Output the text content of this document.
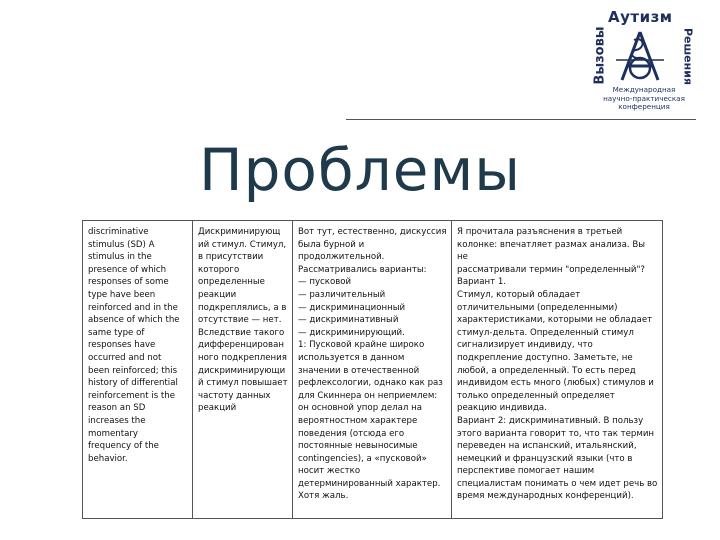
Аутизм
Вызовы	Решения
Международная
научно-практическая
конференция
Проблемы
discriminative
stimulus (SD) A
stimulus in the
presence of which
responses of some
type have been
reinforced and in the
absence of which the
same type of
responses have
occurred and not
been reinforced; this
history of differential
reinforcement is the
reason an SD
increases the
momentary
frequency of the
behavior.
Дискриминирующ
ий стимул. Стимул,
в присутствии
которого
определенные
реакции
подкреплялись, а в
отсутствие — нет.
Вследствие такого
дифференцирован
ного подкрепления
дискриминирующи
й стимул повышает
частоту данных
реакций
Вот тут, естественно, дискуссия
была бурной и
продолжительной.
Рассматривались варианты:
— пусковой
— различительный
— дискриминационный
— дискриминативный
— дискриминирующий.
1: Пусковой крайне широко
используется в данном
значении в отечественной
рефлексологии, однако как раз
для Скиннера он неприемлем:
он основной упор делал на
вероятностном характере
поведения (отсюда его
постоянные невыносимые
contingencies), а «пусковой»
носит жестко
детерминированный характер.
Хотя жаль.
Я прочитала разъяснения в третьей
колонке: впечатляет размах анализа. Вы не
рассматривали термин "определенный"?
Вариант 1.
Стимул, который обладает
отличительными (определенными)
характеристиками, которыми не обладает
стимул-дельта. Определенный стимул
сигнализирует индивиду, что
подкрепление доступно. Заметьте, не
любой, а определенный. То есть перед
индивидом есть много (любых) стимулов и
только определенный определяет
реакцию индивида.
Вариант 2: дискриминативный. В пользу
этого варианта говорит то, что так термин
переведен на испанский, итальянский,
немецкий и французский языки (что в
перспективе помогает нашим
специалистам понимать о чем идет речь во
время международных конференций).
